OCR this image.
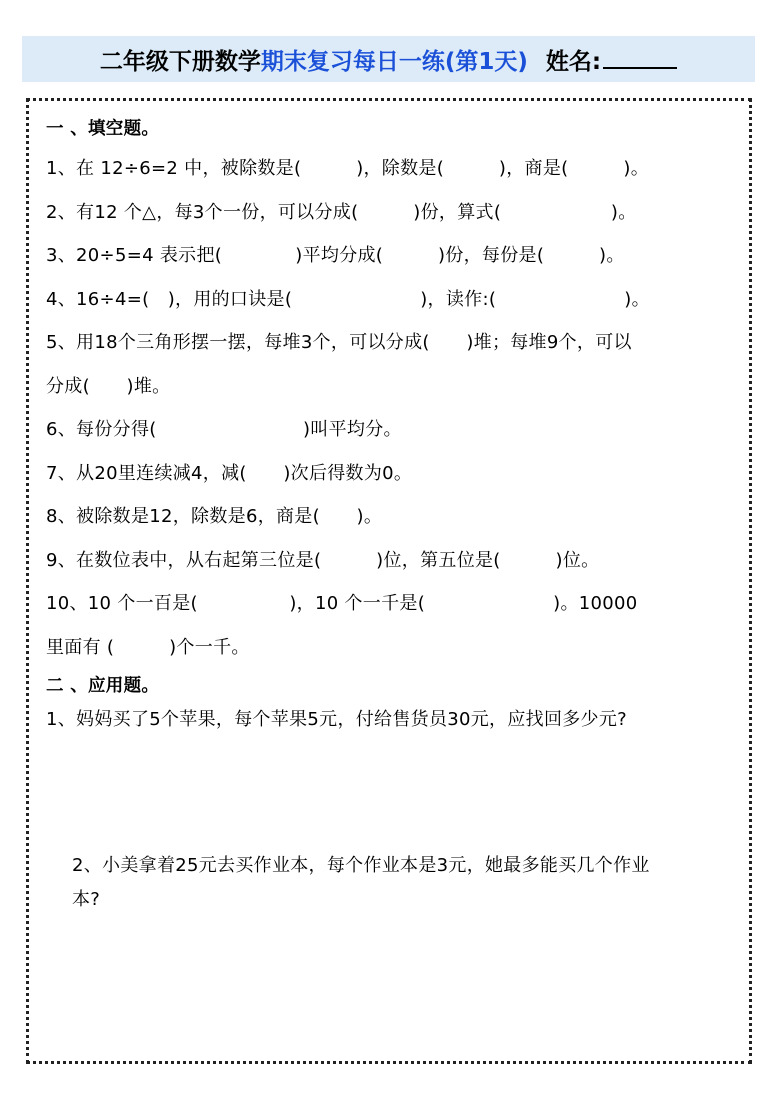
二年级下册数学 期末复习每日一练(第1天) 姓名:
一 、填空题。
1、在 12÷6=2 中，被除数是(　　　)，除数是(　　　)，商是(　　　)。
2、有12 个△，每3个一份，可以分成(　　　)份，算式(　　　　　　)。
3、20÷5=4 表示把(　　　　)平均分成(　　　)份，每份是(　　　)。
4、16÷4=(　)，用的口诀是(　　　　　　　)，读作:(　　　　　　　)。
5、用18个三角形摆一摆，每堆3个，可以分成(　　)堆；每堆9个，可以
分成(　　)堆。
6、每份分得(　　　　　　　　)叫平均分。
7、从20里连续减4，减(　　)次后得数为0。
8、被除数是12，除数是6，商是(　　)。
9、在数位表中，从右起第三位是(　　　)位，第五位是(　　　)位。
10、10 个一百是(　　　　　)，10 个一千是(　　　　　　　)。10000
里面有 (　　　)个一千。
二 、应用题。
1、妈妈买了5个苹果，每个苹果5元，付给售货员30元，应找回多少元?
2、小美拿着25元去买作业本，每个作业本是3元，她最多能买几个作业
本?
